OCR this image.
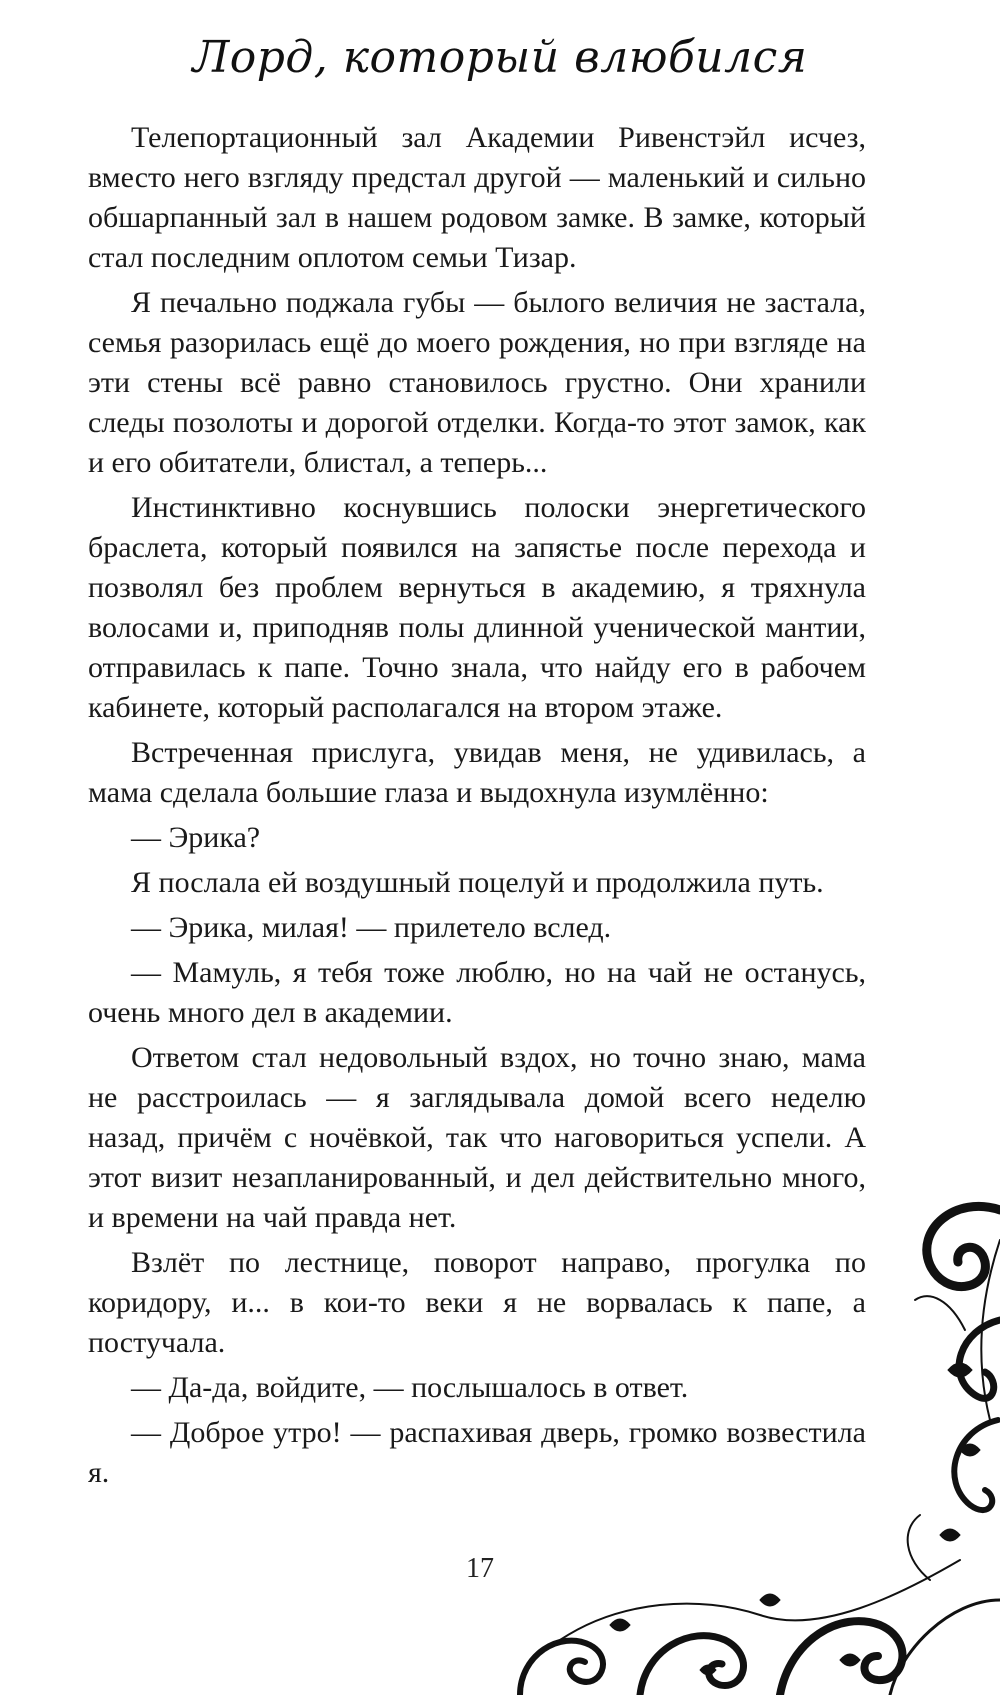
Лорд, который влюбился

Телепортационный зал Академии Ривенстэйл исчез, вместо него взгляду предстал другой — маленький и сильно обшарпанный зал в нашем родовом замке. В замке, который стал последним оплотом семьи Тизар.

Я печально поджала губы — былого величия не застала, семья разорилась ещё до моего рождения, но при взгляде на эти стены всё равно становилось грустно. Они хранили следы позолоты и дорогой отделки. Когда-то этот замок, как и его обитатели, блистал, а теперь...

Инстинктивно коснувшись полоски энергетического браслета, который появился на запястье после перехода и позволял без проблем вернуться в академию, я тряхнула волосами и, приподняв полы длинной ученической мантии, отправилась к папе. Точно знала, что найду его в рабочем кабинете, который располагался на втором этаже.

Встреченная прислуга, увидав меня, не удивилась, а мама сделала большие глаза и выдохнула изумлённо:

— Эрика?

Я послала ей воздушный поцелуй и продолжила путь.

— Эрика, милая! — прилетело вслед.

— Мамуль, я тебя тоже люблю, но на чай не останусь, очень много дел в академии.

Ответом стал недовольный вздох, но точно знаю, мама не расстроилась — я заглядывала домой всего неделю назад, причём с ночёвкой, так что наговориться успели. А этот визит незапланированный, и дел действительно много, и времени на чай правда нет.

Взлёт по лестнице, поворот направо, прогулка по коридору, и... в кои-то веки я не ворвалась к папе, а постучала.

— Да-да, войдите, — послышалось в ответ.

— Доброе утро! — распахивая дверь, громко возвестила я.

17
